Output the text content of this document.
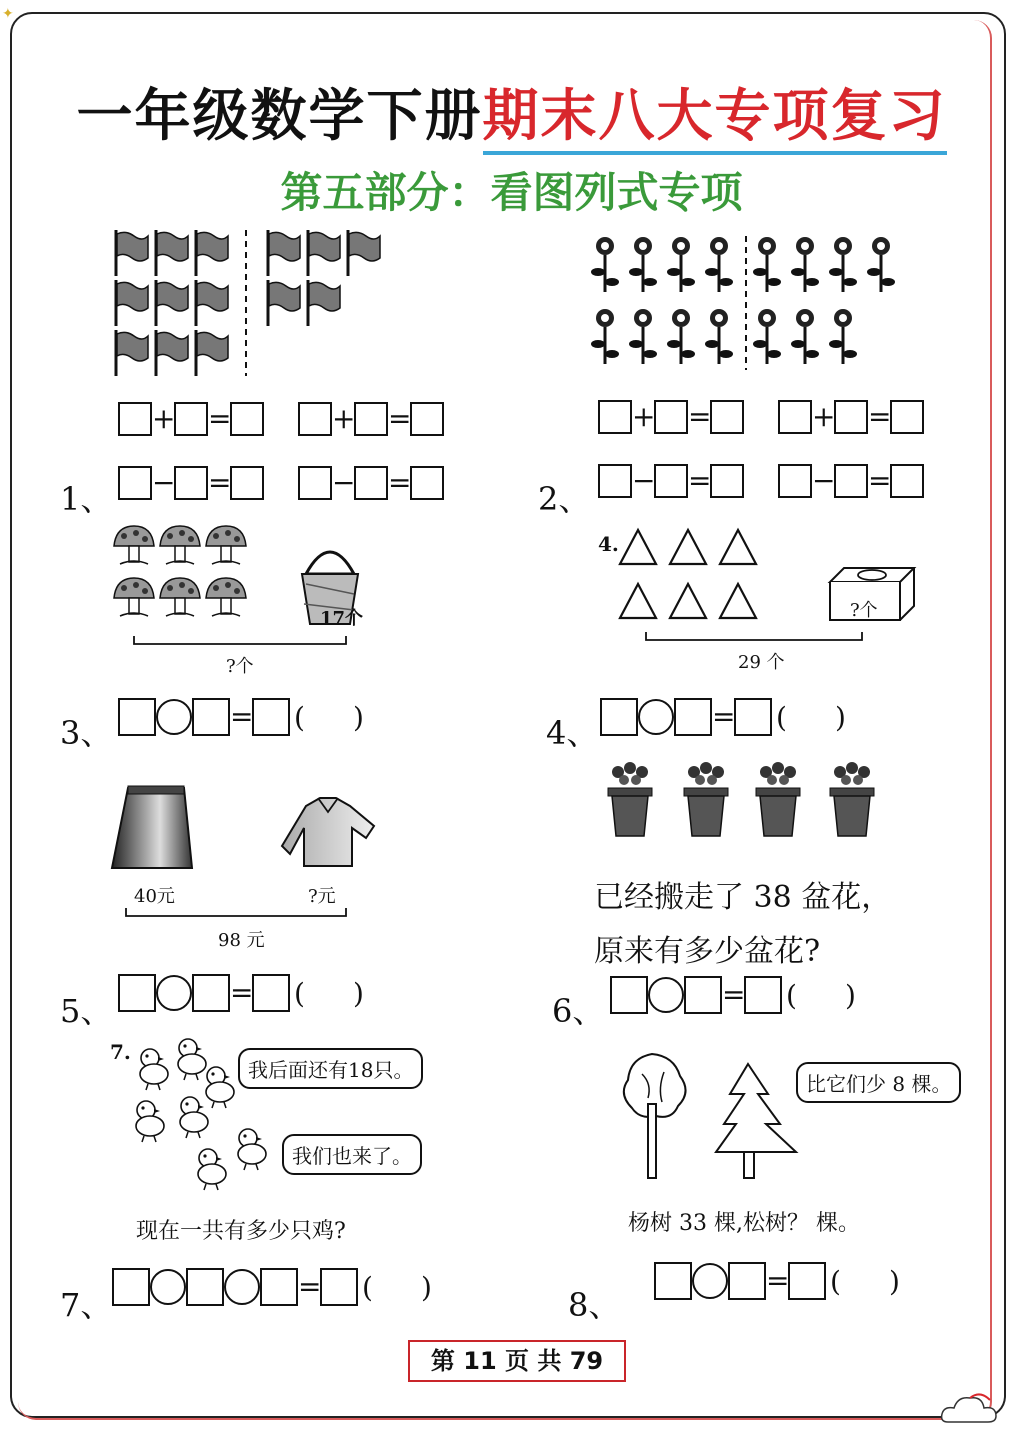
一年级数学下册期末八大专项复习
第五部分：看图列式专项
+ =	+ =
1、 − =	− =
+ =	+ =
2、 − =	− =
17个
?个
3、	= ( )
4.
?个
29 个
4、	= ( )
40元	?元
98 元
5、	= ( )
已经搬走了 38 盆花，
原来有多少盆花?
6、	= ( )
7.
我后面还有18只。
我们也来了。
现在一共有多少只鸡?
7、	= ( )
比它们少 8 棵。
杨树 33 棵,松树？ 棵。
8、
= ( )
第 11 页 共 79
✦
